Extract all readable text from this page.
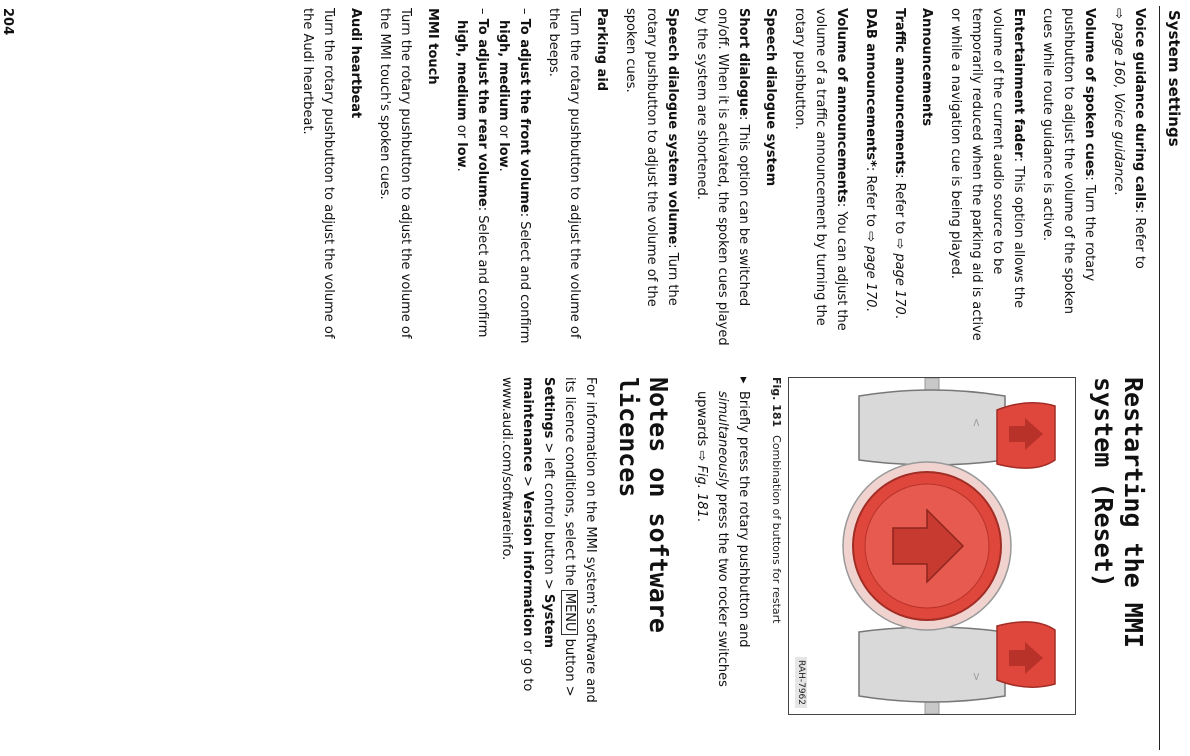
System settings

Voice guidance during calls: Refer to
⇨ page 160, Voice guidance.

Volume of spoken cues: Turn the rotary pushbutton to adjust the volume of the spoken cues while route guidance is active.

Entertainment fader: This option allows the volume of the current audio source to be temporarily reduced when the parking aid is active or while a navigation cue is being played.

Announcements

Traffic announcements: Refer to ⇨ page 170.

DAB announcements*: Refer to ⇨ page 170.

Volume of announcements: You can adjust the volume of a traffic announcement by turning the rotary pushbutton.

Speech dialogue system

Short dialogue: This option can be switched on/off. When it is activated, the spoken cues played by the system are shortened.

Speech dialogue system volume: Turn the rotary pushbutton to adjust the volume of the spoken cues.

Parking aid

Turn the rotary pushbutton to adjust the volume of the beeps.

– To adjust the front volume: Select and confirm high, medium or low.

– To adjust the rear volume: Select and confirm high, medium or low.

MMI touch

Turn the rotary pushbutton to adjust the volume of the MMI touch's spoken cues.

Audi heartbeat

Turn the rotary pushbutton to adjust the volume of the Audi heartbeat.

Restarting the MMI system (Reset)
<
>
RAH-7962
Fig. 181Combination of buttons for restart

▸
Briefly press the rotary pushbutton and simultaneously press the two rocker switches upwards ⇨ Fig. 181.

Notes on software licences

For information on the MMI system's software and its licence conditions, select the MENU button > Settings > left control button > System maintenance > Version information or go to www.audi.com/softwareinfo.

204
